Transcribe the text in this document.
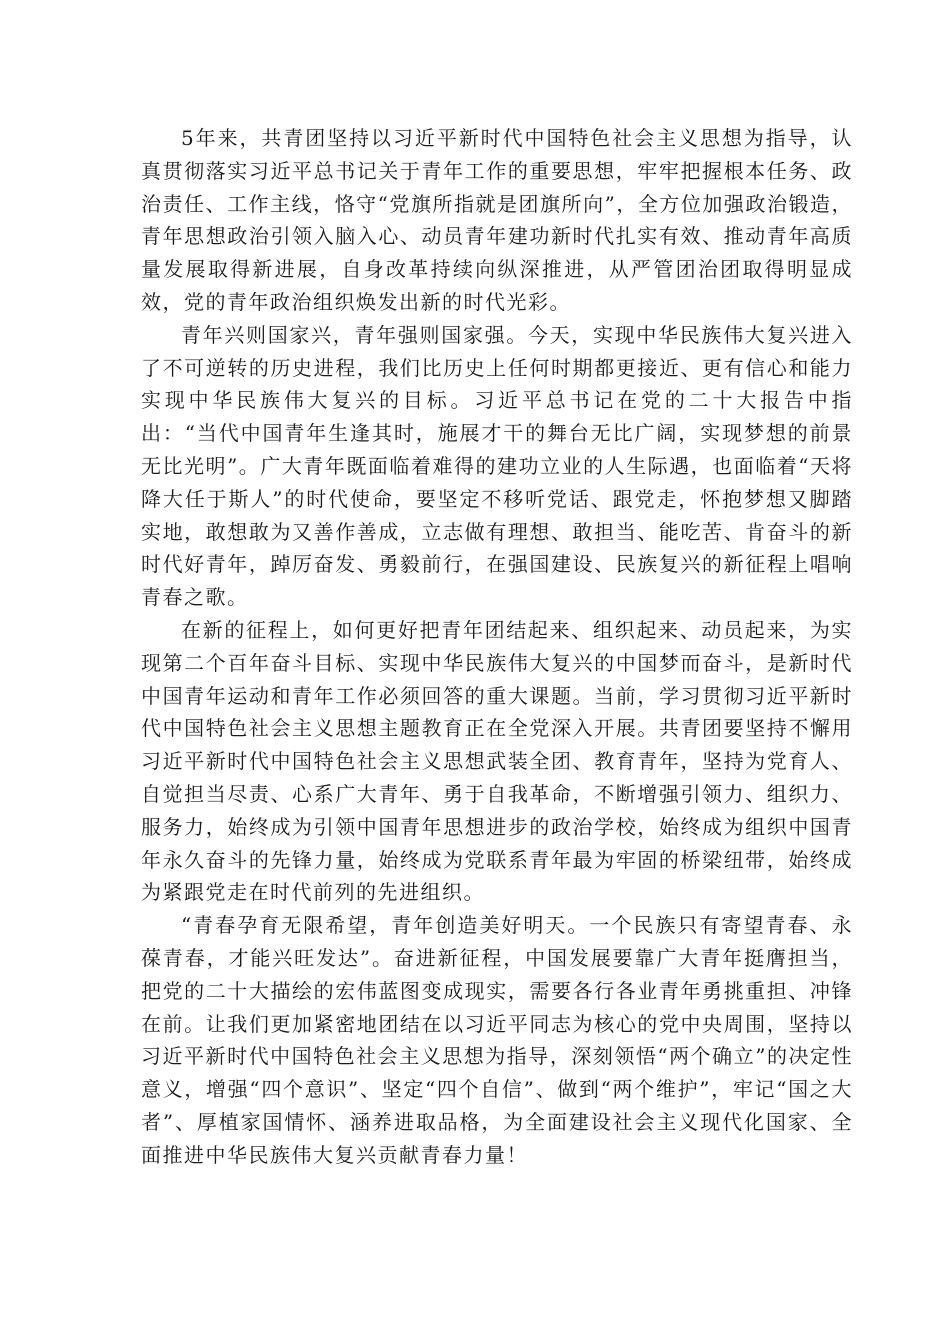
5年来，共青团坚持以习近平新时代中国特色社会主义思想为指导，认真贯彻落实习近平总书记关于青年工作的重要思想，牢牢把握根本任务、政治责任、工作主线，恪守“党旗所指就是团旗所向”，全方位加强政治锻造，青年思想政治引领入脑入心、动员青年建功新时代扎实有效、推动青年高质量发展取得新进展，自身改革持续向纵深推进，从严管团治团取得明显成效，党的青年政治组织焕发出新的时代光彩。

青年兴则国家兴，青年强则国家强。今天，实现中华民族伟大复兴进入了不可逆转的历史进程，我们比历史上任何时期都更接近、更有信心和能力实现中华民族伟大复兴的目标。习近平总书记在党的二十大报告中指出：“当代中国青年生逢其时，施展才干的舞台无比广阔，实现梦想的前景无比光明”。广大青年既面临着难得的建功立业的人生际遇，也面临着“天将降大任于斯人”的时代使命，要坚定不移听党话、跟党走，怀抱梦想又脚踏实地，敢想敢为又善作善成，立志做有理想、敢担当、能吃苦、肯奋斗的新时代好青年，踔厉奋发、勇毅前行，在强国建设、民族复兴的新征程上唱响青春之歌。

在新的征程上，如何更好把青年团结起来、组织起来、动员起来，为实现第二个百年奋斗目标、实现中华民族伟大复兴的中国梦而奋斗，是新时代中国青年运动和青年工作必须回答的重大课题。当前，学习贯彻习近平新时代中国特色社会主义思想主题教育正在全党深入开展。共青团要坚持不懈用习近平新时代中国特色社会主义思想武装全团、教育青年，坚持为党育人、自觉担当尽责、心系广大青年、勇于自我革命，不断增强引领力、组织力、服务力，始终成为引领中国青年思想进步的政治学校，始终成为组织中国青年永久奋斗的先锋力量，始终成为党联系青年最为牢固的桥梁纽带，始终成为紧跟党走在时代前列的先进组织。

“青春孕育无限希望，青年创造美好明天。一个民族只有寄望青春、永葆青春，才能兴旺发达”。奋进新征程，中国发展要靠广大青年挺膺担当，把党的二十大描绘的宏伟蓝图变成现实，需要各行各业青年勇挑重担、冲锋在前。让我们更加紧密地团结在以习近平同志为核心的党中央周围，坚持以习近平新时代中国特色社会主义思想为指导，深刻领悟“两个确立”的决定性意义，增强“四个意识”、坚定“四个自信”、做到“两个维护”，牢记“国之大者”、厚植家国情怀、涵养进取品格，为全面建设社会主义现代化国家、全面推进中华民族伟大复兴贡献青春力量！
